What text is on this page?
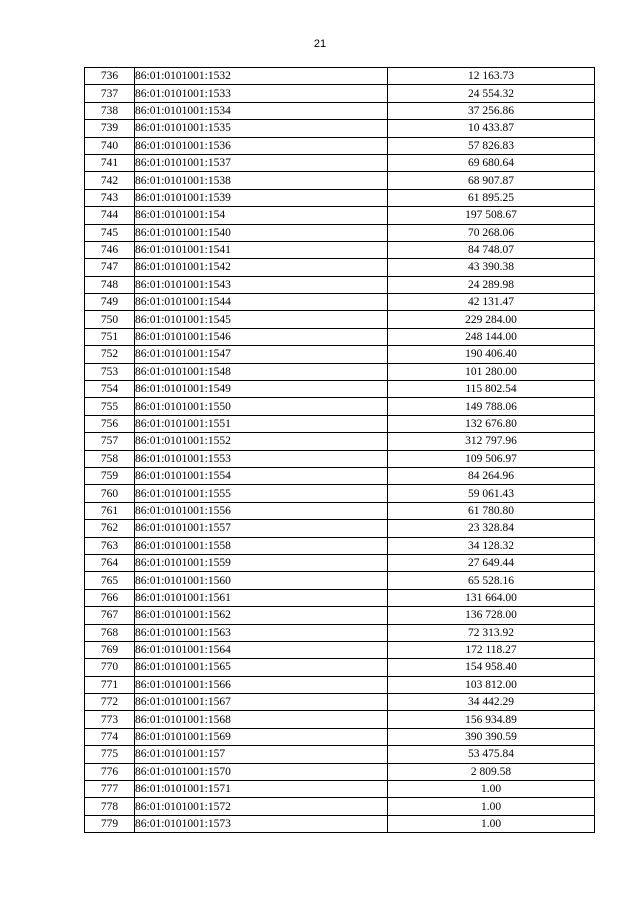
21
736	86:01:0101001:1532	12 163.73
737	86:01:0101001:1533	24 554.32
738	86:01:0101001:1534	37 256.86
739	86:01:0101001:1535	10 433.87
740	86:01:0101001:1536	57 826.83
741	86:01:0101001:1537	69 680.64
742	86:01:0101001:1538	68 907.87
743	86:01:0101001:1539	61 895.25
744	86:01:0101001:154	197 508.67
745	86:01:0101001:1540	70 268.06
746	86:01:0101001:1541	84 748.07
747	86:01:0101001:1542	43 390.38
748	86:01:0101001:1543	24 289.98
749	86:01:0101001:1544	42 131.47
750	86:01:0101001:1545	229 284.00
751	86:01:0101001:1546	248 144.00
752	86:01:0101001:1547	190 406.40
753	86:01:0101001:1548	101 280.00
754	86:01:0101001:1549	115 802.54
755	86:01:0101001:1550	149 788.06
756	86:01:0101001:1551	132 676.80
757	86:01:0101001:1552	312 797.96
758	86:01:0101001:1553	109 506.97
759	86:01:0101001:1554	84 264.96
760	86:01:0101001:1555	59 061.43
761	86:01:0101001:1556	61 780.80
762	86:01:0101001:1557	23 328.84
763	86:01:0101001:1558	34 128.32
764	86:01:0101001:1559	27 649.44
765	86:01:0101001:1560	65 528.16
766	86:01:0101001:1561	131 664.00
767	86:01:0101001:1562	136 728.00
768	86:01:0101001:1563	72 313.92
769	86:01:0101001:1564	172 118.27
770	86:01:0101001:1565	154 958.40
771	86:01:0101001:1566	103 812.00
772	86:01:0101001:1567	34 442.29
773	86:01:0101001:1568	156 934.89
774	86:01:0101001:1569	390 390.59
775	86:01:0101001:157	53 475.84
776	86:01:0101001:1570	2 809.58
777	86:01:0101001:1571	1.00
778	86:01:0101001:1572	1.00
779	86:01:0101001:1573	1.00
